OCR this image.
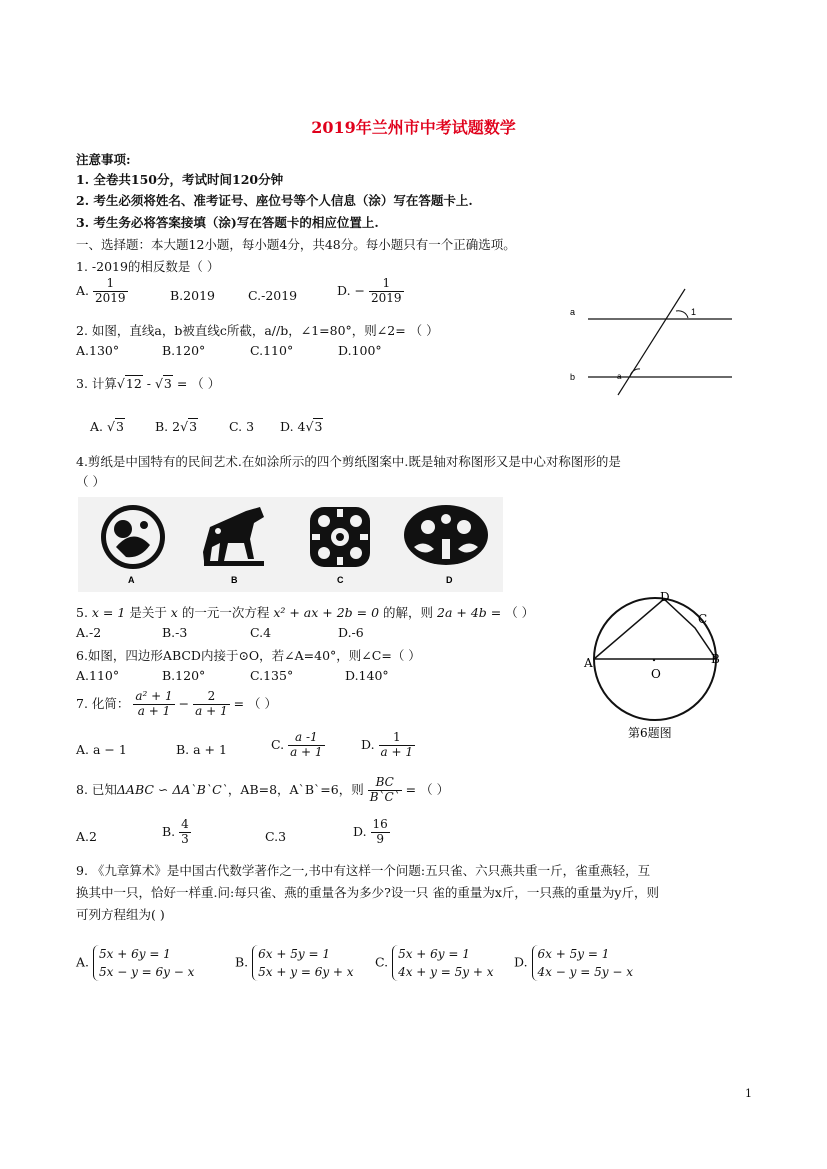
2019年兰州市中考试题数学
注意事项:
1. 全卷共150分，考试时间120分钟
2. 考生必须将姓名、准考证号、座位号等个人信息（涂）写在答题卡上.
3. 考生务必将答案接填（涂)写在答题卡的相应位置上.
一、选择题：本大题12小题，每小题4分，共48分。每小题只有一个正确选项。
1. -2019的相反数是（ ）
A. $\frac{1}{2019}$	B.2019	C.-2019	D. − $\frac{1}{2019}$
2. 如图，直线a，b被直线c所截，a//b，∠1=80°，则∠2= （ ）
A.130°	B.120°	C.110°	D.100°
a
b
1
a
3. 计算√12 - √3 = （ ）
A. √3 B. 2√3	C. 3 D. 4√3
4.剪纸是中国特有的民间艺术.在如涂所示的四个剪纸图案中.既是轴对称图形又是中心对称图形的是
（ ）
A	B	C	D
5. x = 1 是关于 x 的一元一次方程 x² + ax + 2b = 0 的解，则 2a + 4b = （ ）
A.-2	B.-3	C.4	D.-6
6.如图，四边形ABCD内接于⊙O，若∠A=40°，则∠C=（ ）
A.110°	B.120°	C.135°	D.140°
A	B
C
D
O
第6题图
7. 化简： $\frac{\text{a² + 1}}{a + 1} - \frac{2}{a + 1}$ = （ ）
A. a − 1	B. a + 1	C. $\frac{a -1}{a + 1}$	D. $\frac{1}{a + 1}$
8. 已知ΔABC ∽ ΔA`B`C`，AB=8，A`B`=6，则 $\frac{BC}{B`C`}$ = （ ）
A.2	B. $\frac{4}{3}$	C.3	D. $\frac{16}{9}$
9. 《九章算术》是中国古代数学著作之一,书中有这样一个问题:五只雀、六只燕共重一斤，雀重燕轻，互
换其中一只，恰好一样重.问:每只雀、燕的重量各为多少?设一只 雀的重量为x斤，一只燕的重量为y斤，则
可列方程组为( )
A.
5x + 6y = 1
5x − y = 6y − x
B.
6x + 5y = 1
5x + y = 6y + x
C.
5x + 6y = 1
4x + y = 5y + x
D.
6x + 5y = 1
4x − y = 5y − x
1
